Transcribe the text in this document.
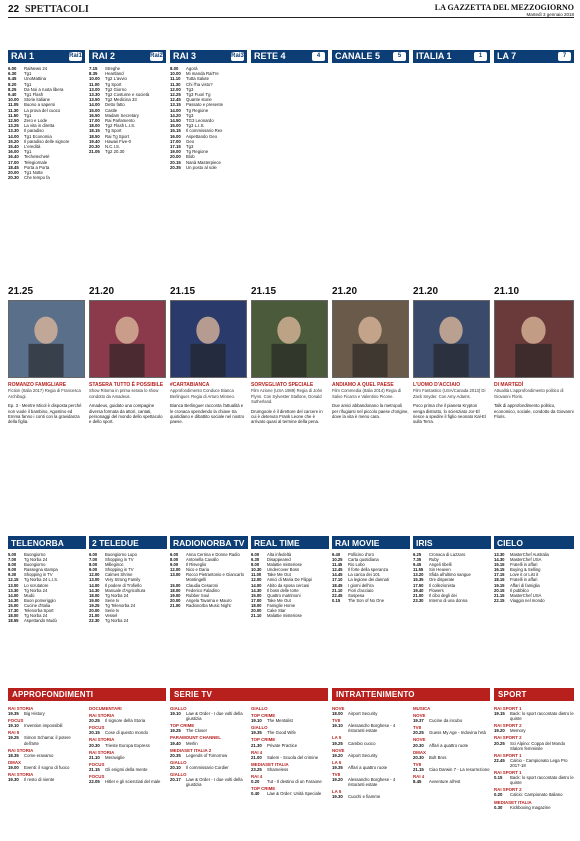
22 SPETTACOLI	LA GAZZETTA DEL MEZZOGIORNO
Martedì 3 gennaio 2018
RAI 1	Rai1	RAI 2	Rai2	RAI 3	Rai3	RETE 4	4	CANALE 5	5	ITALIA 1	1	LA 7	7
6.00	RaiNews 24
6.30	Tg1
6.45	UnoMattina
8.20	Tg1
8.25	Da Noi a ruota libera
9.40	Tg1 Flash
10.00	Storie italiane
11.05	Buono a sapersi
11.30	La prova del cuoco
11.50	Tg1
12.50	Zero e Lode
13.25	La vita in diretta
13.30	Il paradiso
14.00	Tg1 Economia
15.20	Il paradiso delle signore
15.40	L'eredità
16.00	Tg1
16.40	Techetechetè
17.00	Telegiornale
18.45	Porta a Porta
20.00	Tg1 Notte
20.30	Che tempo fa
7.15	Streghe
8.35	Heartland
10.00	Tg2 L'avvio
11.00	Tg Sport
13.00	Tg2 Giorno
13.30	Tg2 Costume e società
13.50	Tg2 Medicina 33
14.00	Detto fatto
15.00	Castle
16.50	Madam Secretary
17.00	Rai Parlamento
18.00	Tg2 Flash L.I.S.
18.15	Tg Sport
18.50	Rai Tg Sport
19.40	Hawaii Five-0
20.30	N.C.I.S.
21.05	Tg2 20.30
8.00	Agorà
10.00	Mi manda RaiTre
11.10	Tutta Salute
11.30	Chi l'ha visto?
12.00	Tg3
12.25	Tg3 Fuori Tg
12.45	Quante storie
13.15	Passato e presente
14.00	Tg Regione
14.20	Tg3
14.50	TG3 Leonardo
15.00	Tg3 L.I.S.
15.15	Il commissario Rex
16.00	Aspettando Geo
17.00	Geo
17.15	Tg3
19.00	Tg Regione
20.00	Blob
20.15	Nanà Masterpiece
20.35	Un posto al sole
21.25
ROMANZO FAMIGLIARE
Fiction (Italia 2017) Regia di Francesca Archibugi.
Ep. 3 - Mentre Micol è disposta perché non vuole il bambino, Agostino ed Emma fanno i conti con la gravidanza della figlia.
21.20
STASERA TUTTO È POSSIBILE
Show Ritorna in prima serata lo show condotto da Amadeus.
Amadeus, guidato una compagine diversa formata da attori, cantati, personaggi del mondo dello spettacolo e dello sport.
21.15
#CARTABIANCA
Approfondimento Conduce Bianca Berlinguer. Regia di Arturo Minneo.
Bianca Berlinguer racconta l'attualità e le cronaca spendendo la chiave tra quotidiano e dibattito sociale nel nostro paese.
21.15
SORVEGLIATO SPECIALE
Film Azione (USA 1989) Regia di John Flynn. Con Sylvester Stallone, Donald Sutherland.
Drumgoole è il direttore del carcere in cui è detenuto Frank Leone che è arrivato quasi al termine della pena.
21.20
ANDIAMO A QUEL PAESE
Film Commedia (Italia 2014) Regia di Salvo Ficarra e Valentino Picone.
Due amici abbandonano la metropoli per rifugiarsi nel piccolo paese d'origine, dove la vita è meno cara.
21.20
L'UOMO D'ACCIAIO
Film Fantastico (USA/Canada 2013) Di Zack Snyder. Con Amy Adams.
Poco prima che il pianeta Krypton venga distrutto, lo scienziato Jor-El riesce a spedire il figlio neonato Kal-El sulla Terra.
21.10
DI MARTEDÌ
Attualità L'approfondimento politico di Giovanni Floris.
Talk di approfondimento politico, economico, sociale, condotto da Giovanni Floris.
TELENORBA	2 TELEDUE	RADIONORBA TV	REAL TIME	RAI MOVIE	IRIS	CIELO
5.00	Buongiorno
7.00	Tg Norba 24
8.00	Buongiorno
9.00	Rassegna stampa
9.30	Shopping in TV
12.15	Tg Norba 24 L.I.S.
13.00	Lo scrutatore
13.30	Tg Norba 24
14.00	Mudù
14.30	Buon pomeriggio
15.00	Cucine d'Italia
17.30	Telenorba Sport
18.00	Tg Norba 24
18.55	Aspettando Mudù
6.00	Buongiorno Lupo
7.00	Shopping in TV
8.00	Milleginoc
9.00	Shopping in TV
12.00	Calmes Shrine
13.00	Very Strong Family
14.00	Il podere di Trofiello
14.30	Manuale d'Agricoltura
18.00	Tg Norba 24
19.00	Serie tv
19.25	Tg Telenorba 24
20.00	Serie tv
21.00	Vessel
22.30	Tg Norba 24
6.00	Anna Cerrina e Donne Radio
8.00	Antonella Cavallo
9.00	Il Risveglio
12.00	Nico e Daria
13.00	Rocco Pietrantonio e Giancarlo Montingelli
15.00	Claudia Cesaroni
18.00	Federico Faladino
19.00	Rubber Soul
20.00	Angela Tavarna e Mauro
21.00	Radionorba Music Night
6.00	Alta infedeltà
6.30	Disappeared
8.00	Malattie misteriose
10.30	Undercover Boss
11.00	Take Me Out
12.00	Amici di Maria De Filippi
14.00	Abito da sposa cercasi
14.30	Il boss delle torte
15.00	Quattro matrimoni
17.00	Take Me Out
18.00	Famiglie Home
20.00	Cake Star
21.10	Malattie misteriose
6.40	Pollicino d'oro
10.25	Carta quotidiana
11.45	Rio Lobo
12.45	Il forte della speranza
14.45	La carica dei 101
17.10	La legione dei dannati
18.45	I giorni dell'ira
21.10	Fiori d'acciaio
22.45	Sospesa
0.15	The Son of No One
6.25	Cronaca di Lazzaro
7.35	Ruby
9.45	Angeli ribelli
11.55	Sin Heaven
13.20	Sfida all'ultimo sangue
15.35	Ore disperate
17.50	Il collezionista
19.40	Flowers
21.00	Il cibo degli dei
23.30	Interno di una donna
13.30	MasterChef Australia
14.30	MasterChef USA
15.15	Fratelli in affari
16.15	Buying & Selling
17.15	Love it or List it
18.15	Fratelli in affari
19.15	Affari di famiglia
20.15	Il pubblico
21.15	MasterChef USA
22.15	Viaggio nel mondo
APPROFONDIMENTI	SERIE TV	INTRATTENIMENTO	SPORT
RAI STORIA
19.35	Big History
FOCUS
19.10	Invention impossibili
RAI 5
19.25	Simon Schama: il potere dell'arte
RAI STORIA
18.35	Come eravamo
DMAX
19.00	Eventi: il sogno di fuoco
RAI STORIA
19.30	Il resto di niente
DOCUMENTARI
RAI STORIA
20.25	Il signore della Storia
FOCUS
20.15	Cose di questo mondo
RAI STORIA
20.30	Trieste Europa Express
RAI STORIA
21.10	Meraviglie
FOCUS
21.15	Gli enigmi della mente
FOCUS
22.05	Hitler e gli scienziati del male
GIALLO
19.10	Law & Order - I due volti della giustizia
TOP CRIME
19.25	The Closer
PARAMOUNT CHANNEL
19.40	Merlin
MEDIASET ITALIA 2
20.35	Legends of Tomorrow
GIALLO
20.10	Il commissario Cordier
GIALLO
20.17	Law & Order - I due volti della giustizia
GIALLO
TOP CRIME
19.10	The Mentalist
GIALLO
19.35	The Good Wife
TOP CRIME
21.30	Private Practice
RAI 4
21.00	Salem - Scuola del crimine
MEDIASET ITALIA
23.25	Shameless
RAI 4
0.20	Tut - Il destino di un Faraone
TOP CRIME
0.40	Law & Order: Unità Speciale
NOVE
18.00	Airport Security
TV8
19.10	Alessandro Borghese - 4 ristoranti estate
LA 5
19.25	Cambio cuoco
NOVE
19.20	Airport Security
LA 5
19.35	Affari a quattro ruote
TV8
19.20	Alessandro Borghese - 4 ristoranti estate
LA 5
19.30	Cuochi e fiamme
MUSICA
NOVE
19.37	Cucine da incubo
TV8
20.25	Guess My Age - Indovina l'età
NOVE
20.30	Affari a quattro ruote
DMAX
20.30	Bolt Bros
TV8
21.15	Ciao Darwin 7 - La resurrezione
RAI 4
8.45	Avventure all'est
RAI SPORT 1
19.15	Back: lo sport raccontato dietro le quinte
RAI SPORT 2
19.20	Memory
RAI SPORT 2
20.25	Sci Alpino: Coppa del Mondo Slalom femminile
RAI SPORT 1
22.45	Calcio - Campionato Lega Pro 2017-18
RAI SPORT 1
0.15	Back: lo sport raccontato dietro le quinte
RAI SPORT 2
0.20	Calcio: Campionato Italiano
MEDIASET ITALIA
0.30	Kickboxing magazine
